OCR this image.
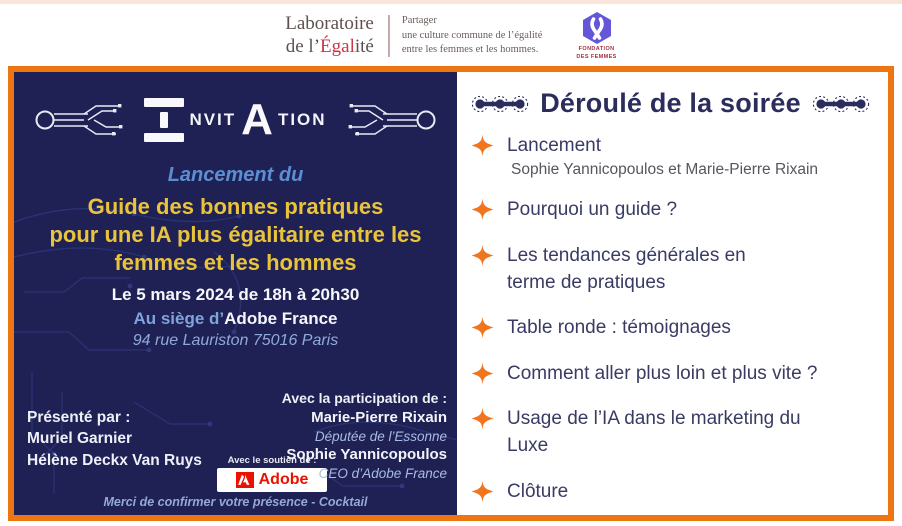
Laboratoire
de l’Égalité
Partager
une culture commune de l’égalité
entre les femmes et les hommes.	FONDATION
DES FEMMES
NVIT A TION
Lancement du
Guide des bonnes pratiques
pour une IA plus égalitaire entre les
femmes et les hommes
Le 5 mars 2024 de 18h à 20h30
Au siège d’Adobe France
94 rue Lauriston 75016 Paris
Présenté par :
Muriel Garnier
Hélène Deckx Van Ruys	Avec le soutien de :
Adobe
Avec la participation de :
Marie-Pierre Rixain
Députée de l’Essonne
Sophie Yannicopoulos
CEO d’Adobe France
Merci de confirmer votre présence - Cocktail
Déroulé de la soirée
Lancement
Sophie Yannicopoulos et Marie-Pierre Rixain
Pourquoi un guide ?
Les tendances générales en
terme de pratiques
Table ronde : témoignages
Comment aller plus loin et plus vite ?
Usage de l’IA dans le marketing du
Luxe
Clôture
